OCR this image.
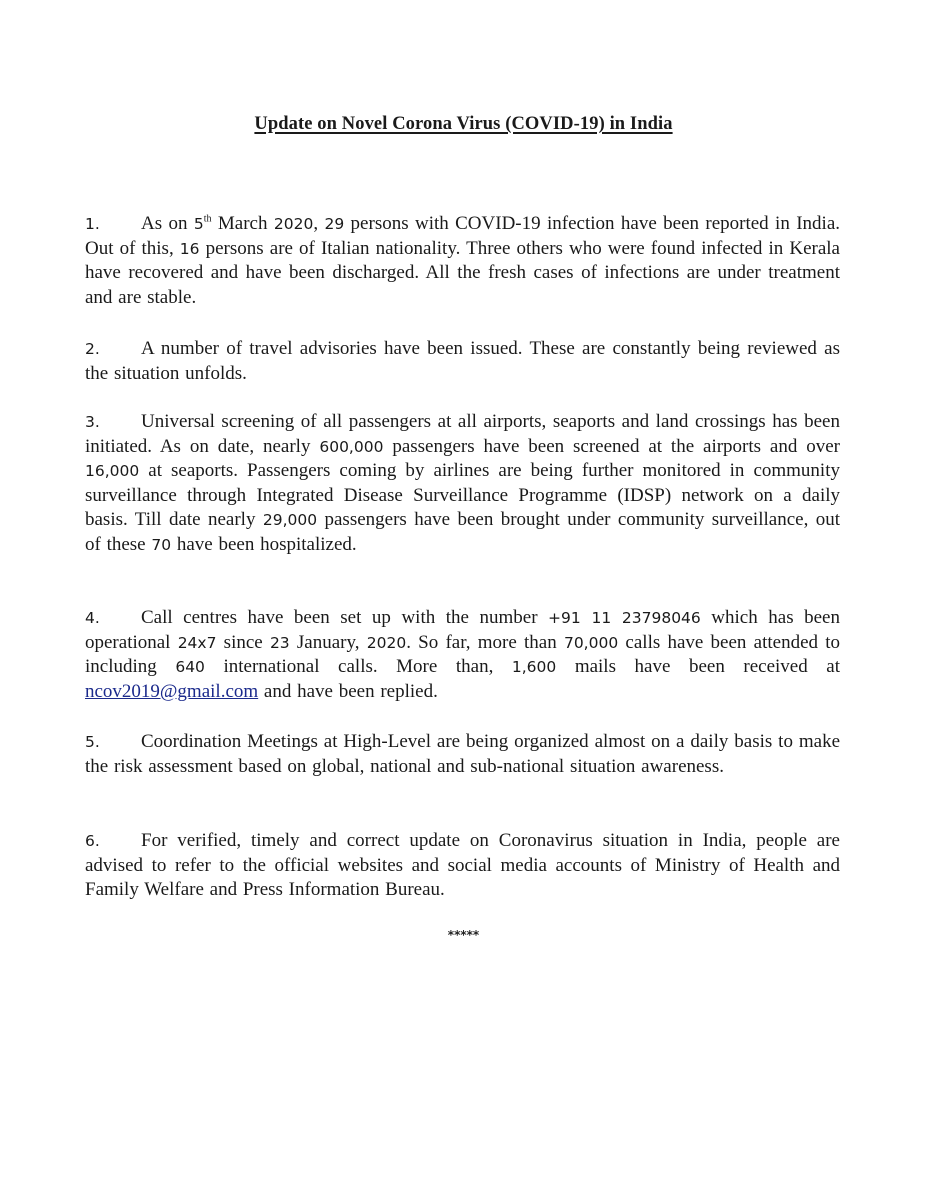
Update on Novel Corona Virus (COVID-19) in India
1. As on 5th March 2020, 29 persons with COVID-19 infection have been reported in India. Out of this, 16 persons are of Italian nationality. Three others who were found infected in Kerala have recovered and have been discharged. All the fresh cases of infections are under treatment and are stable.
2. A number of travel advisories have been issued. These are constantly being reviewed as the situation unfolds.
3. Universal screening of all passengers at all airports, seaports and land crossings has been initiated. As on date, nearly 600,000 passengers have been screened at the airports and over 16,000 at seaports. Passengers coming by airlines are being further monitored in community surveillance through Integrated Disease Surveillance Programme (IDSP) network on a daily basis. Till date nearly 29,000 passengers have been brought under community surveillance, out of these 70 have been hospitalized.
4. Call centres have been set up with the number +91 11 23798046 which has been operational 24x7 since 23 January, 2020. So far, more than 70,000 calls have been attended to including 640 international calls. More than, 1,600 mails have been received at ncov2019@gmail.com and have been replied.
5. Coordination Meetings at High-Level are being organized almost on a daily basis to make the risk assessment based on global, national and sub-national situation awareness.
6. For verified, timely and correct update on Coronavirus situation in India, people are advised to refer to the official websites and social media accounts of Ministry of Health and Family Welfare and Press Information Bureau.
*****
